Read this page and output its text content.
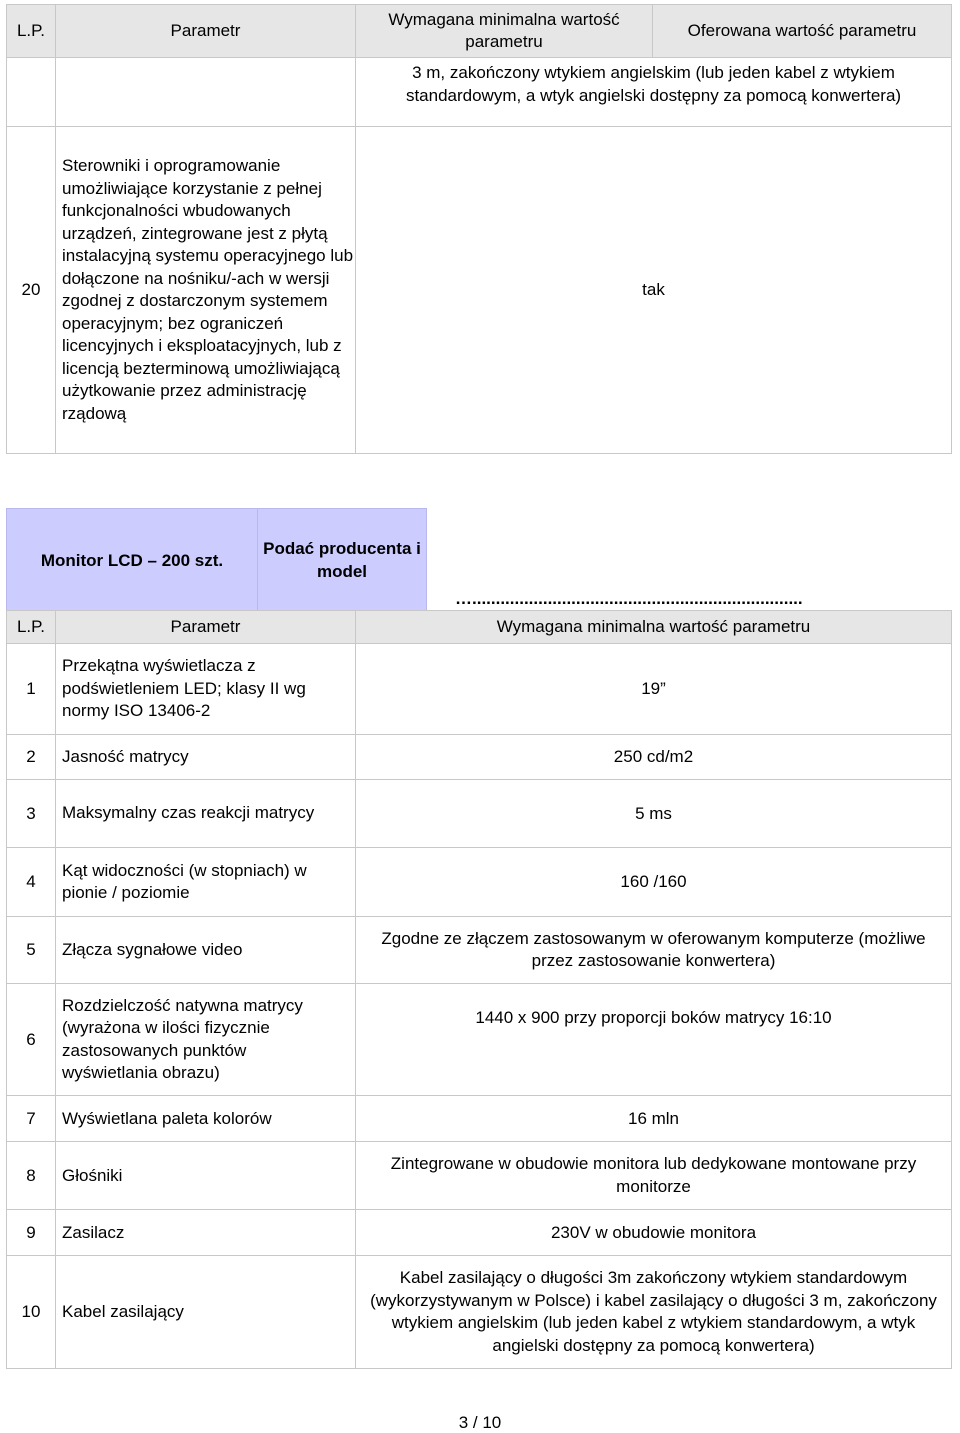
L.P.	Parametr	Wymagana minimalna wartość parametru	Oferowana wartość parametru
		3 m, zakończony wtykiem angielskim (lub jeden kabel z wtykiem standardowym, a wtyk angielski dostępny za pomocą konwertera)	
20	Sterowniki i oprogramowanie umożliwiające korzystanie z pełnej funkcjonalności wbudowanych urządzeń, zintegrowane jest z płytą instalacyjną systemu operacyjnego lub dołączone na nośniku/-ach w wersji zgodnej z dostarczonym systemem operacyjnym; bez ograniczeń licencyjnych i eksploatacyjnych, lub z licencją bezterminową umożliwiającą użytkowanie przez administrację rządową	tak	
Monitor LCD – 200 szt.	Podać producenta i model	…......................................................................
L.P.	Parametr	Wymagana minimalna wartość parametru
1	Przekątna wyświetlacza z podświetleniem LED; klasy II wg normy ISO 13406-2	19”
2	Jasność matrycy	250 cd/m2
3	Maksymalny czas reakcji matrycy	5 ms
4	Kąt widoczności (w stopniach) w pionie / poziomie	160 /160
5	Złącza sygnałowe video	Zgodne ze złączem zastosowanym w oferowanym komputerze (możliwe przez zastosowanie konwertera)
6	Rozdzielczość natywna matrycy (wyrażona w ilości fizycznie zastosowanych punktów wyświetlania obrazu)	1440 x 900 przy proporcji boków matrycy 16:10
7	Wyświetlana paleta kolorów	16 mln
8	Głośniki	Zintegrowane w obudowie monitora lub dedykowane montowane przy monitorze
9	Zasilacz	230V w obudowie monitora
10	Kabel zasilający	Kabel zasilający o długości 3m zakończony wtykiem standardowym (wykorzystywanym w Polsce) i kabel zasilający o długości 3 m, zakończony wtykiem angielskim (lub jeden kabel z wtykiem standardowym, a wtyk angielski dostępny za pomocą konwertera)
3 / 10
